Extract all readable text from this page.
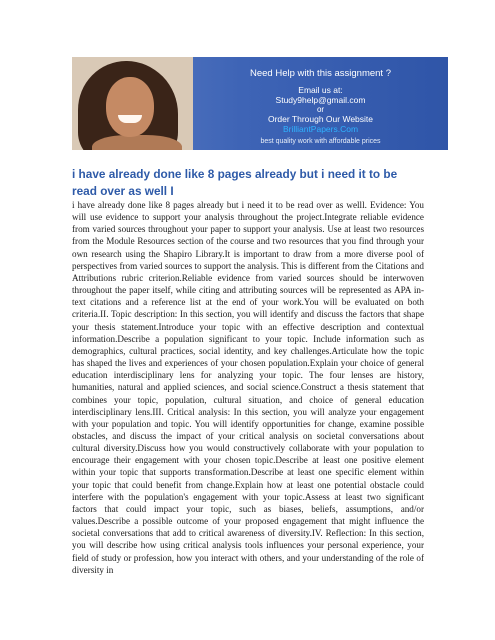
Need Help with this assignment ?
Email us at:
Study9help@gmail.com
or
Order Through Our Website
BrilliantPapers.Com
best quality work with affordable prices
i have already done like 8 pages already but i need it to be read over as well I

i have already done like 8 pages already but i need it to be read over as welll. Evidence: You will use evidence to support your analysis throughout the project.Integrate reliable evidence from varied sources throughout your paper to support your analysis. Use at least two resources from the Module Resources section of the course and two resources that you find through your own research using the Shapiro Library.It is important to draw from a more diverse pool of perspectives from varied sources to support the analysis. This is different from the Citations and Attributions rubric criterion.Reliable evidence from varied sources should be interwoven throughout the paper itself, while citing and attributing sources will be represented as APA in-text citations and a reference list at the end of your work.You will be evaluated on both criteria.II. Topic description: In this section, you will identify and discuss the factors that shape your thesis statement.Introduce your topic with an effective description and contextual information.Describe a population significant to your topic. Include information such as demographics, cultural practices, social identity, and key challenges.Articulate how the topic has shaped the lives and experiences of your chosen population.Explain your choice of general education interdisciplinary lens for analyzing your topic. The four lenses are history, humanities, natural and applied sciences, and social science.Construct a thesis statement that combines your topic, population, cultural situation, and choice of general education interdisciplinary lens.III. Critical analysis: In this section, you will analyze your engagement with your population and topic. You will identify opportunities for change, examine possible obstacles, and discuss the impact of your critical analysis on societal conversations about cultural diversity.Discuss how you would constructively collaborate with your population to encourage their engagement with your chosen topic.Describe at least one positive element within your topic that supports transformation.Describe at least one specific element within your topic that could benefit from change.Explain how at least one potential obstacle could interfere with the population's engagement with your topic.Assess at least two significant factors that could impact your topic, such as biases, beliefs, assumptions, and/or values.Describe a possible outcome of your proposed engagement that might influence the societal conversations that add to critical awareness of diversity.IV. Reflection: In this section, you will describe how using critical analysis tools influences your personal experience, your field of study or profession, how you interact with others, and your understanding of the role of diversity in
